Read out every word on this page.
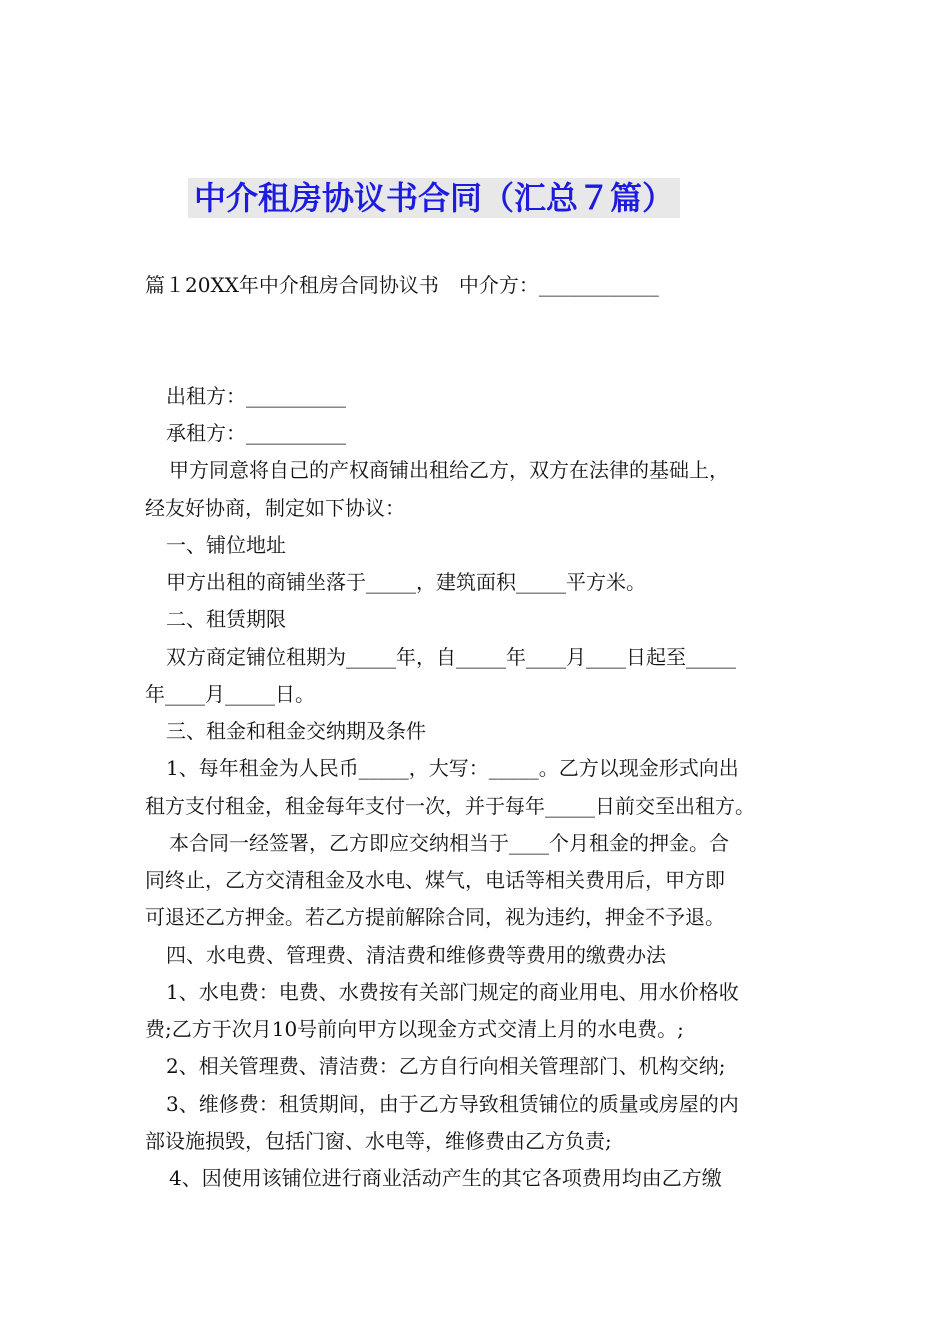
中介租房协议书合同（汇总７篇）
篇１20XX年中介租房合同协议书　中介方：____________
出租方：__________
承租方：__________
甲方同意将自己的产权商铺出租给乙方，双方在法律的基础上，
经友好协商，制定如下协议：
一、铺位地址
甲方出租的商铺坐落于_____，建筑面积_____平方米。
二、租赁期限
双方商定铺位租期为_____年，自_____年____月____日起至_____
年____月_____日。
三、租金和租金交纳期及条件
1、每年租金为人民币_____，大写：_____。乙方以现金形式向出
租方支付租金，租金每年支付一次，并于每年_____日前交至出租方。
本合同一经签署，乙方即应交纳相当于____个月租金的押金。合
同终止，乙方交清租金及水电、煤气，电话等相关费用后，甲方即
可退还乙方押金。若乙方提前解除合同，视为违约，押金不予退。
四、水电费、管理费、清洁费和维修费等费用的缴费办法
1、水电费：电费、水费按有关部门规定的商业用电、用水价格收
费;乙方于次月10号前向甲方以现金方式交清上月的水电费。;
2、相关管理费、清洁费：乙方自行向相关管理部门、机构交纳;
3、维修费：租赁期间，由于乙方导致租赁铺位的质量或房屋的内
部设施损毁，包括门窗、水电等，维修费由乙方负责;
4、因使用该铺位进行商业活动产生的其它各项费用均由乙方缴
